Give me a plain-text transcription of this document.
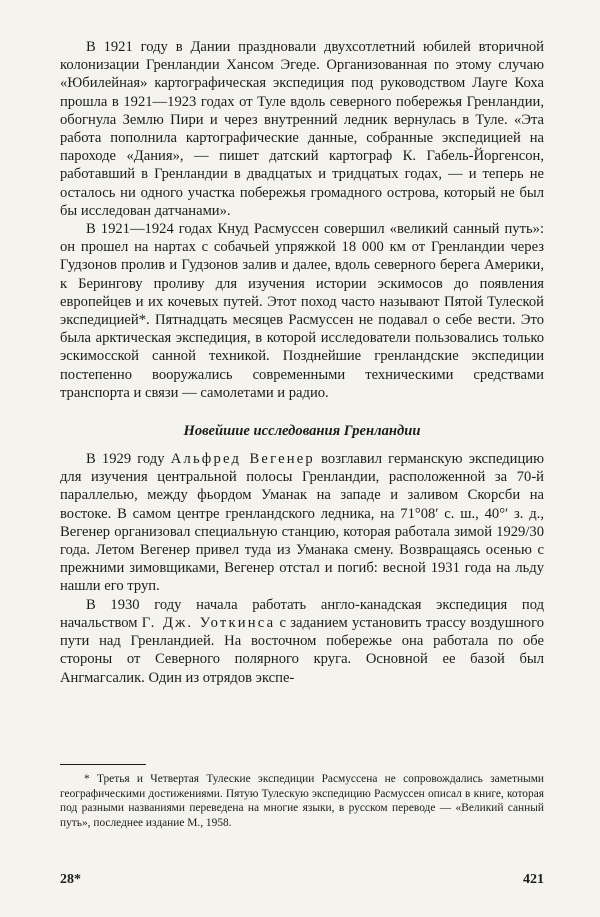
В 1921 году в Дании праздновали двухсотлетний юбилей вторичной колонизации Гренландии Хансом Эгеде. Организованная по этому случаю «Юбилейная» картографическая экспедиция под руководством Лауге Коха прошла в 1921—1923 годах от Туле вдоль северного побережья Гренландии, обогнула Землю Пири и через внутренний ледник вернулась в Туле. «Эта работа пополнила картографические данные, собранные экспедицией на пароходе «Дания», — пишет датский картограф К. Габель-Йоргенсон, работавший в Гренландии в двадцатых и тридцатых годах, — и теперь не осталось ни одного участка побережья громадного острова, который не был бы исследован датчанами».

В 1921—1924 годах Кнуд Расмуссен совершил «великий санный путь»: он прошел на нартах с собачьей упряжкой 18 000 км от Гренландии через Гудзонов пролив и Гудзонов залив и далее, вдоль северного берега Америки, к Берингову проливу для изучения истории эскимосов до появления европейцев и их кочевых путей. Этот поход часто называют Пятой Тулеской экспедицией*. Пятнадцать месяцев Расмуссен не подавал о себе вести. Это была арктическая экспедиция, в которой исследователи пользовались только эскимосской санной техникой. Позднейшие гренландские экспедиции постепенно вооружались современными техническими средствами транспорта и связи — самолетами и радио.

Новейшие исследования Гренландии

В 1929 году Альфред Вегенер возглавил германскую экспедицию для изучения центральной полосы Гренландии, расположенной за 70-й параллелью, между фьордом Уманак на западе и заливом Скорсби на востоке. В самом центре гренландского ледника, на 71°08′ с. ш., 40°′ з. д., Вегенер организовал специальную станцию, которая работала зимой 1929/30 года. Летом Вегенер привел туда из Уманака смену. Возвращаясь осенью с прежними зимовщиками, Вегенер отстал и погиб: весной 1931 года на льду нашли его труп.

В 1930 году начала работать англо-канадская экспедиция под начальством Г. Дж. Уоткинса с заданием установить трассу воздушного пути над Гренландией. На восточном побережье она работала по обе стороны от Северного полярного круга. Основной ее базой был Ангмагсалик. Один из отрядов экспе-

* Третья и Четвертая Тулеские экспедиции Расмуссена не сопровождались заметными географическими достижениями. Пятую Тулескую экспедицию Расмуссен описал в книге, которая под разными названиями переведена на многие языки, в русском переводе — «Великий санный путь», последнее издание М., 1958.

28*	421
